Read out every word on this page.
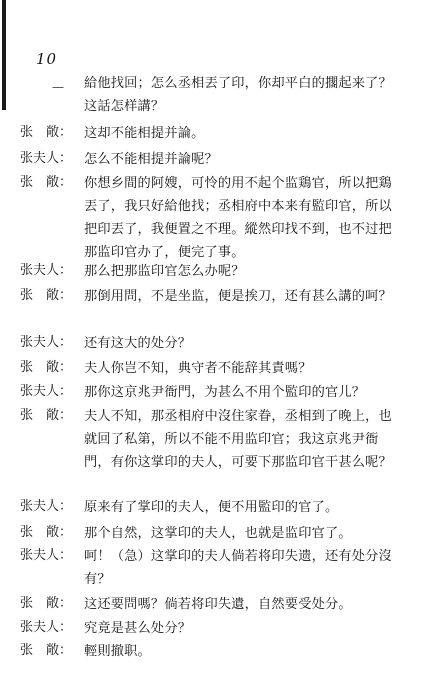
10
— 給他找回；怎么丞相丟了印，你却平白的擱起来了？这話怎样講？
张　敞： 这却不能相提并論。
张夫人： 怎么不能相提并論呢？
张　敞： 你想乡間的阿嫂，可怜的用不起个监鶏官，所以把鶏丟了，我只好給他找；丞相府中本来有監印官，所以把印丟了，我便置之不理。縱然印找不到，也不过把那监印官办了，便完了事。
张夫人： 那么把那监印官怎么办呢？
张　敞： 那倒用問，不是坐监，便是挨刀，还有甚么講的呵？
张夫人： 还有这大的处分？
张　敞： 夫人你岂不知，典守者不能辞其責嗎？
张夫人： 那你这京兆尹衙門，为甚么不用个監印的官儿？
张　敞： 夫人不知，那丞相府中沒住家眷，丞相到了晚上，也就回了私第，所以不能不用监印官；我这京兆尹衙門，有你这掌印的夫人，可要下那监印官干甚么呢？
张夫人： 原来有了掌印的夫人，便不用監印的官了。
张　敞： 那个自然，这掌印的夫人，也就是监印官了。
张夫人： 呵！（急）这掌印的夫人倘若将印失遗，还有处分沒有？
张　敞： 这还要問嗎？倘若将印失遺，自然要受处分。
张夫人： 究竟是甚么处分？
张　敞： 輕則撤职。
